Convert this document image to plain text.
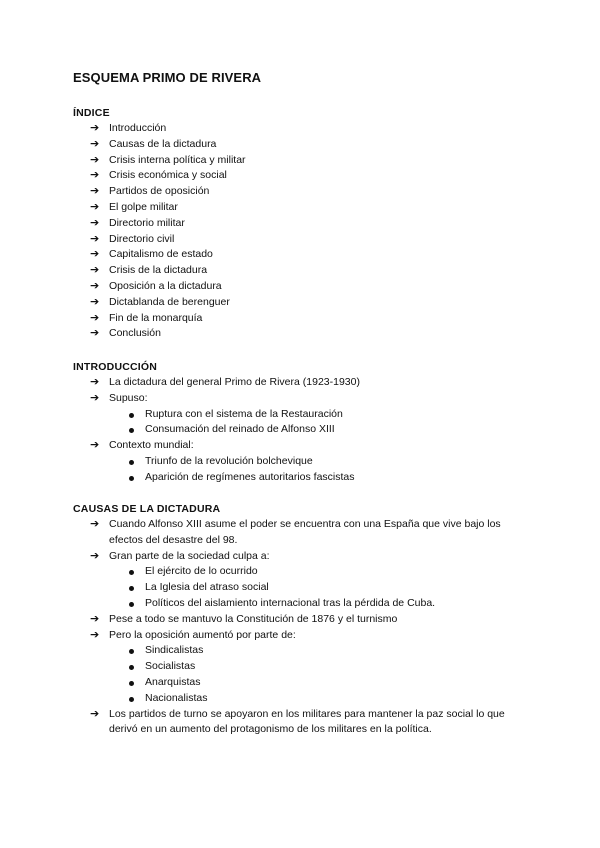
ESQUEMA PRIMO DE RIVERA
ÍNDICE
➔ Introducción
➔ Causas de la dictadura
➔ Crisis interna política y militar
➔ Crisis económica y social
➔ Partidos de oposición
➔ El golpe militar
➔ Directorio militar
➔ Directorio civil
➔ Capitalismo de estado
➔ Crisis de la dictadura
➔ Oposición a la dictadura
➔ Dictablanda de berenguer
➔ Fin de la monarquía
➔ Conclusión
INTRODUCCIÓN
➔ La dictadura del general Primo de Rivera (1923-1930)
➔ Supuso:
Ruptura con el sistema de la Restauración
Consumación del reinado de Alfonso XIII
➔ Contexto mundial:
Triunfo de la revolución bolchevique
Aparición de regímenes autoritarios fascistas
CAUSAS DE LA DICTADURA
➔ Cuando Alfonso XIII asume el poder se encuentra con una España que vive bajo los efectos del desastre del 98.
➔ Gran parte de la sociedad culpa a:
El ejército de lo ocurrido
La Iglesia del atraso social
Políticos del aislamiento internacional tras la pérdida de Cuba.
➔ Pese a todo se mantuvo la Constitución de 1876 y el turnismo
➔ Pero la oposición aumentó por parte de:
Sindicalistas
Socialistas
Anarquistas
Nacionalistas
➔ Los partidos de turno se apoyaron en los militares para mantener la paz social lo que derivó en un aumento del protagonismo de los militares en la política.
